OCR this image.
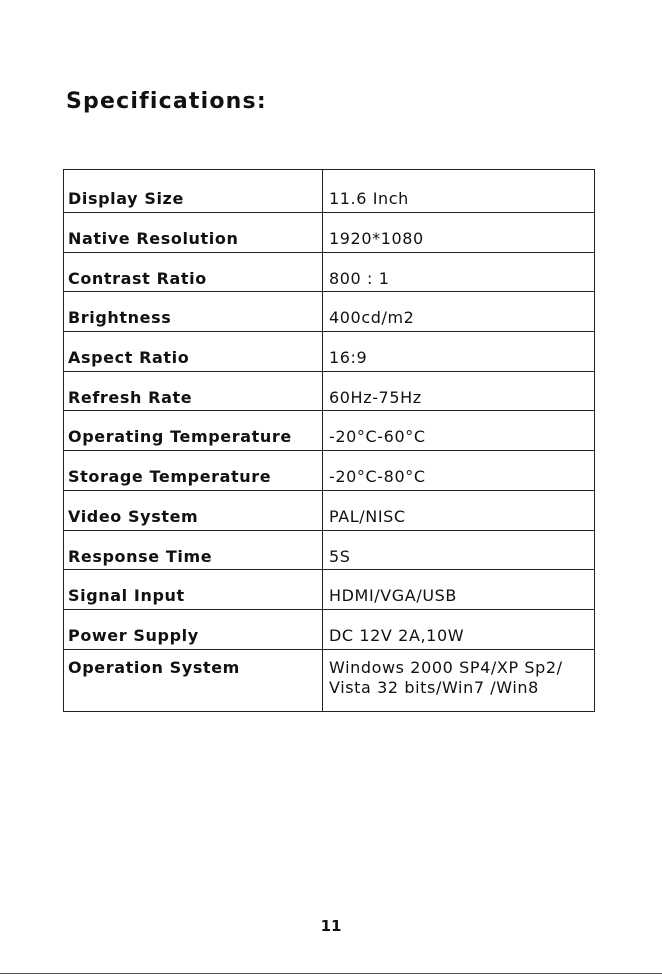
Specifications:
Display Size	11.6 Inch

Native Resolution	1920*1080

Contrast Ratio	800 : 1

Brightness	400cd/m2

Aspect Ratio	16:9

Refresh Rate	60Hz-75Hz

Operating Temperature	-20°C-60°C

Storage Temperature	-20°C-80°C

Video System	PAL/NISC

Response Time	5S

Signal Input	HDMI/VGA/USB

Power Supply	DC 12V 2A,10W

Operation System	Windows 2000 SP4/XP Sp2/
Vista 32 bits/Win7 /Win8
11
